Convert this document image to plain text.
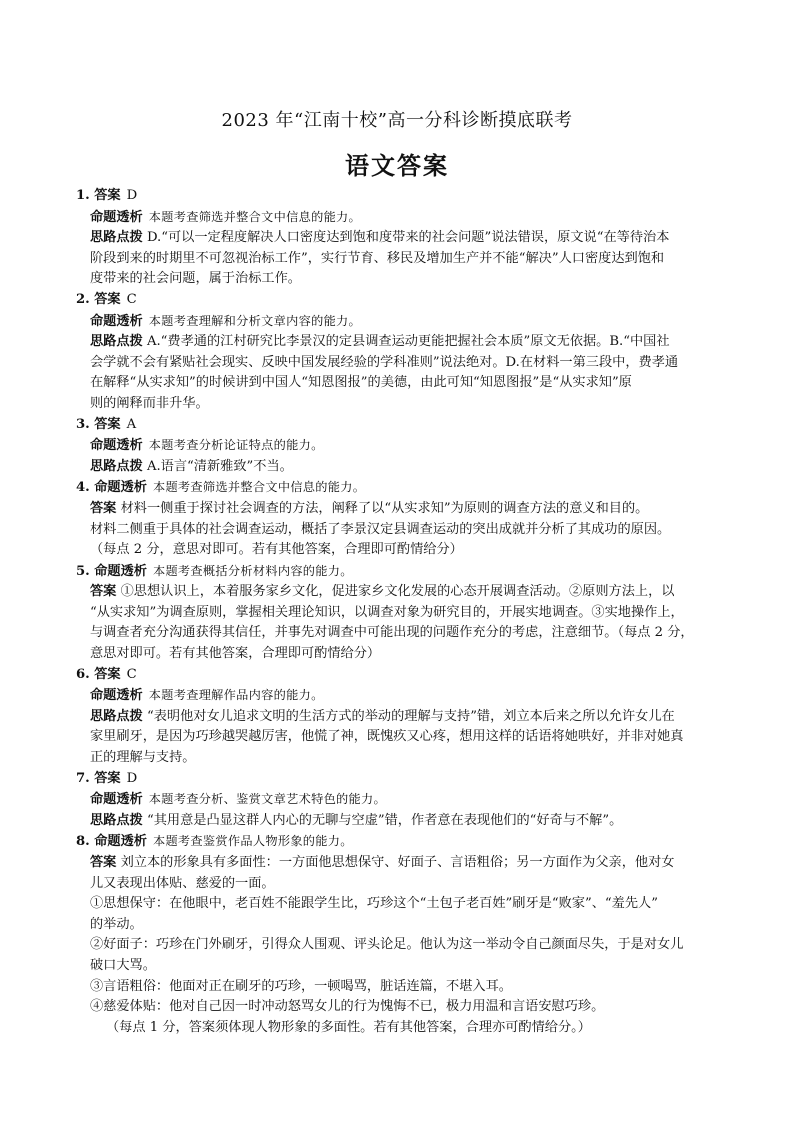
2023 年“江南十校”高一分科诊断摸底联考
语文答案

1. 答案 D

命题透析 本题考查筛选并整合文中信息的能力。

思路点拨 D.“可以一定程度解决人口密度达到饱和度带来的社会问题”说法错误，原文说“在等待治本

阶段到来的时期里不可忽视治标工作”，实行节育、移民及增加生产并不能“解决”人口密度达到饱和

度带来的社会问题，属于治标工作。

2. 答案 C

命题透析 本题考查理解和分析文章内容的能力。

思路点拨 A.“费孝通的江村研究比李景汉的定县调查运动更能把握社会本质”原文无依据。B.“中国社

会学就不会有紧贴社会现实、反映中国发展经验的学科准则”说法绝对。D.在材料一第三段中，费孝通

在解释“从实求知”的时候讲到中国人“知恩图报”的美德，由此可知“知恩图报”是“从实求知”原

则的阐释而非升华。

3. 答案 A

命题透析 本题考查分析论证特点的能力。

思路点拨 A.语言“清新雅致”不当。

4. 命题透析 本题考查筛选并整合文中信息的能力。

答案 材料一侧重于探讨社会调查的方法，阐释了以“从实求知”为原则的调查方法的意义和目的。

材料二侧重于具体的社会调查运动，概括了李景汉定县调查运动的突出成就并分析了其成功的原因。

（每点 2 分，意思对即可。若有其他答案，合理即可酌情给分）

5. 命题透析 本题考查概括分析材料内容的能力。

答案 ①思想认识上，本着服务家乡文化，促进家乡文化发展的心态开展调查活动。②原则方法上，以

“从实求知”为调查原则，掌握相关理论知识，以调查对象为研究目的，开展实地调查。③实地操作上，

与调查者充分沟通获得其信任，并事先对调查中可能出现的问题作充分的考虑，注意细节。（每点 2 分，

意思对即可。若有其他答案，合理即可酌情给分）

6. 答案 C

命题透析 本题考查理解作品内容的能力。

思路点拨 “表明他对女儿追求文明的生活方式的举动的理解与支持”错，刘立本后来之所以允许女儿在

家里刷牙，是因为巧珍越哭越厉害，他慌了神，既愧疚又心疼，想用这样的话语将她哄好，并非对她真

正的理解与支持。

7. 答案 D

命题透析 本题考查分析、鉴赏文章艺术特色的能力。

思路点拨 “其用意是凸显这群人内心的无聊与空虚”错，作者意在表现他们的“好奇与不解”。

8. 命题透析 本题考查鉴赏作品人物形象的能力。

答案 刘立本的形象具有多面性：一方面他思想保守、好面子、言语粗俗；另一方面作为父亲，他对女

儿又表现出体贴、慈爱的一面。

①思想保守：在他眼中，老百姓不能跟学生比，巧珍这个“土包子老百姓”刷牙是“败家”、“羞先人”

的举动。

②好面子：巧珍在门外刷牙，引得众人围观、评头论足。他认为这一举动令自己颜面尽失，于是对女儿

破口大骂。

③言语粗俗：他面对正在刷牙的巧珍，一顿喝骂，脏话连篇，不堪入耳。

④慈爱体贴：他对自己因一时冲动怒骂女儿的行为愧悔不已，极力用温和言语安慰巧珍。

（每点 1 分，答案须体现人物形象的多面性。若有其他答案，合理亦可酌情给分。）
